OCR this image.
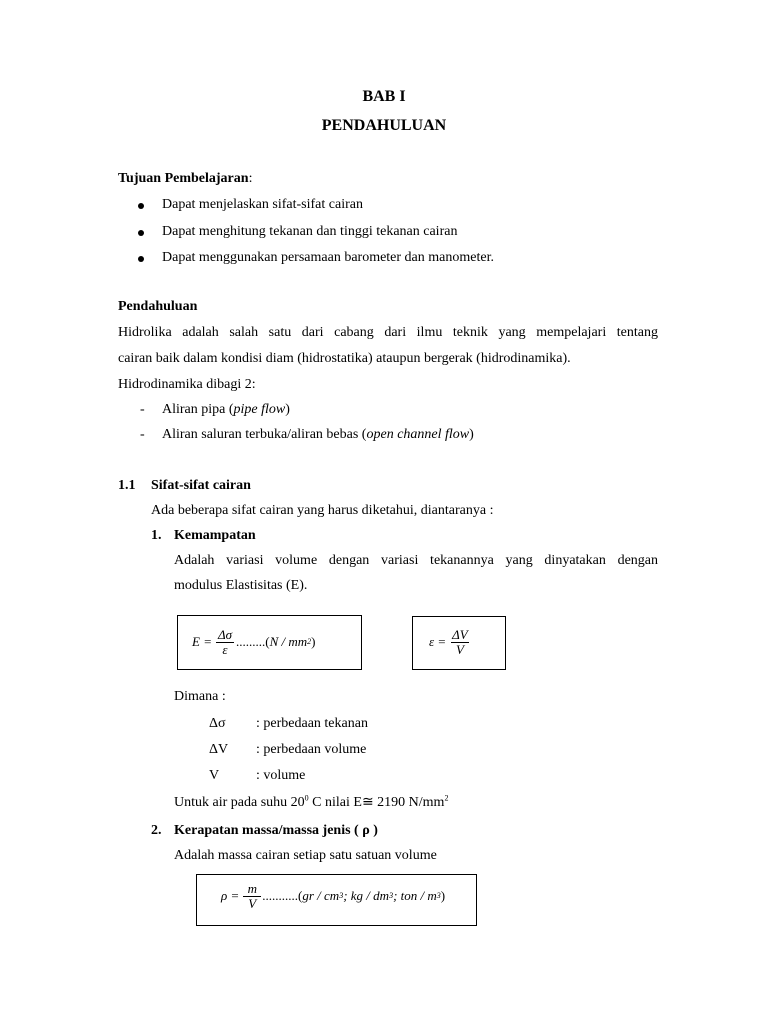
BAB I
PENDAHULUAN
Tujuan Pembelajaran:
Dapat menjelaskan sifat-sifat cairan
Dapat menghitung tekanan dan tinggi tekanan cairan
Dapat menggunakan persamaan barometer dan manometer.
Pendahuluan
Hidrolika adalah salah satu dari cabang dari ilmu teknik yang mempelajari tentang
cairan baik dalam kondisi diam (hidrostatika) ataupun bergerak (hidrodinamika).
Hidrodinamika dibagi 2:
- Aliran pipa (pipe flow)
- Aliran saluran terbuka/aliran bebas (open channel flow)
1.1 Sifat-sifat cairan
Ada beberapa sifat cairan yang harus diketahui, diantaranya :
1. Kemampatan
Adalah variasi volume dengan variasi tekanannya yang dinyatakan dengan
modulus Elastisitas (E).
$E = \frac{\Delta\sigma}{\varepsilon}$ .........( N / mm 2 )	$\varepsilon = \frac{\Delta V}{V}$
Dimana :
Δσ : perbedaan tekanan
ΔV : perbedaan volume
V	: volume
Untuk air pada suhu $20^0$ C nilai E≅ 2190 $N/mm^2$
2. Kerapatan massa/massa jenis ( ρ )
Adalah massa cairan setiap satu satuan volume
$\rho = \frac{m}{V}$ ...........( gr / cm 3 ; kg / dm 3 ; ton / m 3 )
